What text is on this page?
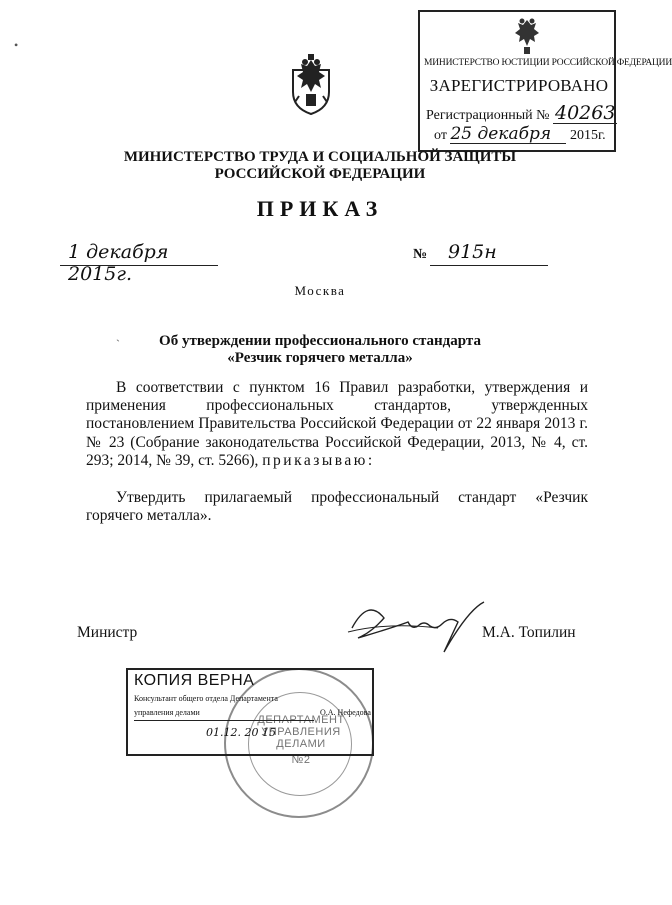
•
`
МИНИСТЕРСТВО ЮСТИЦИИ РОССИЙСКОЙ ФЕДЕРАЦИИ
ЗАРЕГИСТРИРОВАНО
Регистрационный № 40263
от 25 декабря 2015г.
МИНИСТЕРСТВО ТРУДА И СОЦИАЛЬНОЙ ЗАЩИТЫ
РОССИЙСКОЙ ФЕДЕРАЦИИ
ПРИКАЗ
1 декабря 2015г.
№ 915н
Москва
Об утверждении профессионального стандарта
«Резчик горячего металла»
В соответствии с пунктом 16 Правил разработки, утверждения и применения профессиональных стандартов, утвержденных постановлением Правительства Российской Федерации от 22 января 2013 г. № 23 (Собрание законодательства Российской Федерации, 2013, № 4, ст. 293; 2014, № 39, ст. 5266), приказываю:
Утвердить прилагаемый профессиональный стандарт «Резчик горячего металла».
Министр	М.А. Топилин
ДЕПАРТАМЕНТ
УПРАВЛЕНИЯ
ДЕЛАМИ
№2
КОПИЯ ВЕРНА
Консультант общего отдела Департамента
управления делами	О.А. Нефедова
01.12. 20 15
